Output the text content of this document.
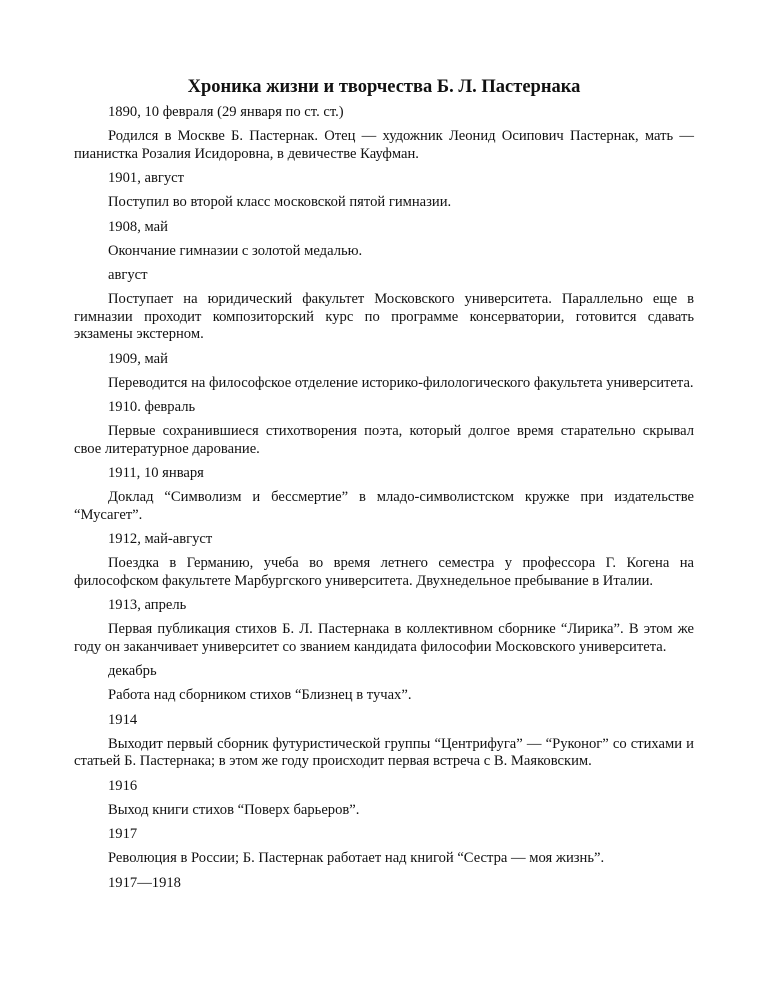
Хроника жизни и творчества Б. Л. Пастернака

1890, 10 февраля (29 января по ст. ст.)

Родился в Москве Б. Пастернак. Отец — художник Леонид Осипович Пастернак, мать — пианистка Розалия Исидоровна, в девичестве Кауфман.

1901, август

Поступил во второй класс московской пятой гимназии.

1908, май

Окончание гимназии с золотой медалью.

август

Поступает на юридический факультет Московского университета. Параллельно еще в гимназии проходит композиторский курс по программе консерватории, готовится сдавать экзамены экстерном.

1909, май

Переводится на философское отделение историко-филологического факультета университета.

1910. февраль

Первые сохранившиеся стихотворения поэта, который долгое время старательно скрывал свое литературное дарование.

1911, 10 января

Доклад “Символизм и бессмертие” в младо-символистском кружке при издательстве “Мусагет”.

1912, май-август

Поездка в Германию, учеба во время летнего семестра у профессора Г. Когена на философском факультете Марбургского университета. Двухнедельное пребывание в Италии.

1913, апрель

Первая публикация стихов Б. Л. Пастернака в коллективном сборнике “Лирика”. В этом же году он заканчивает университет со званием кандидата философии Московского университета.

декабрь

Работа над сборником стихов “Близнец в тучах”.

1914

Выходит первый сборник футуристической группы “Центрифуга” — “Руконог” со стихами и статьей Б. Пастернака; в этом же году происходит первая встреча с В. Маяковским.

1916

Выход книги стихов “Поверх барьеров”.

1917

Революция в России; Б. Пастернак работает над книгой “Сестра — моя жизнь”.

1917—1918
